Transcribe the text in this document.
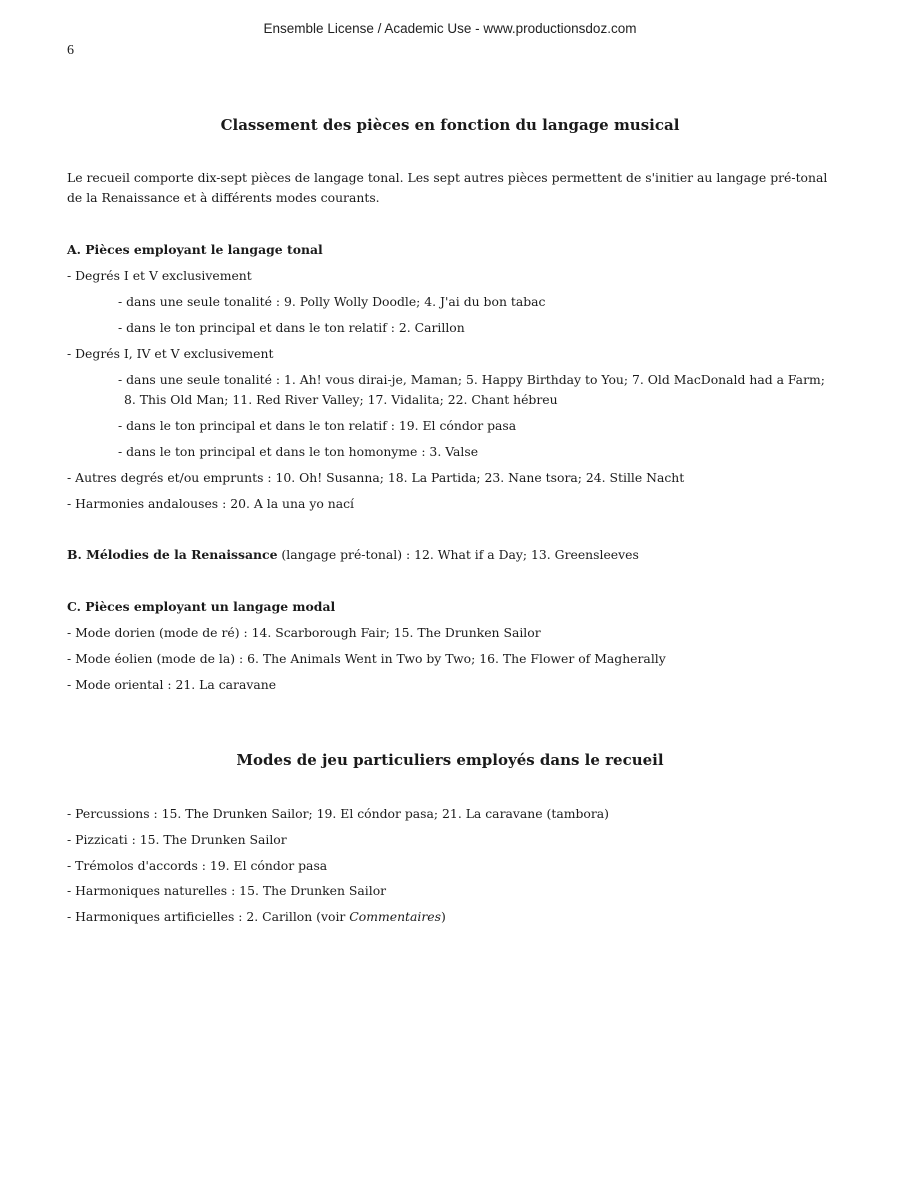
Ensemble License / Academic Use - www.productionsdoz.com
6
Classement des pièces en fonction du langage musical
Le recueil comporte dix-sept pièces de langage tonal. Les sept autres pièces permettent de s'initier au langage pré-tonal
de la Renaissance et à différents modes courants.
A. Pièces employant le langage tonal
- Degrés I et V exclusivement
- dans une seule tonalité : 9. Polly Wolly Doodle; 4. J'ai du bon tabac
- dans le ton principal et dans le ton relatif : 2. Carillon
- Degrés I, IV et V exclusivement
- dans une seule tonalité : 1. Ah! vous dirai-je, Maman; 5. Happy Birthday to You; 7. Old MacDonald had a Farm;
8. This Old Man; 11. Red River Valley; 17. Vidalita; 22. Chant hébreu
- dans le ton principal et dans le ton relatif : 19. El cóndor pasa
- dans le ton principal et dans le ton homonyme : 3. Valse
- Autres degrés et/ou emprunts : 10. Oh! Susanna; 18. La Partida; 23. Nane tsora; 24. Stille Nacht
- Harmonies andalouses : 20. A la una yo nací
B. Mélodies de la Renaissance (langage pré-tonal) : 12. What if a Day; 13. Greensleeves
C. Pièces employant un langage modal
- Mode dorien (mode de ré) : 14. Scarborough Fair; 15. The Drunken Sailor
- Mode éolien (mode de la) : 6. The Animals Went in Two by Two; 16. The Flower of Magherally
- Mode oriental : 21. La caravane
Modes de jeu particuliers employés dans le recueil
- Percussions : 15. The Drunken Sailor; 19. El cóndor pasa; 21. La caravane (tambora)
- Pizzicati : 15. The Drunken Sailor
- Trémolos d'accords : 19. El cóndor pasa
- Harmoniques naturelles : 15. The Drunken Sailor
- Harmoniques artificielles : 2. Carillon (voir Commentaires)
